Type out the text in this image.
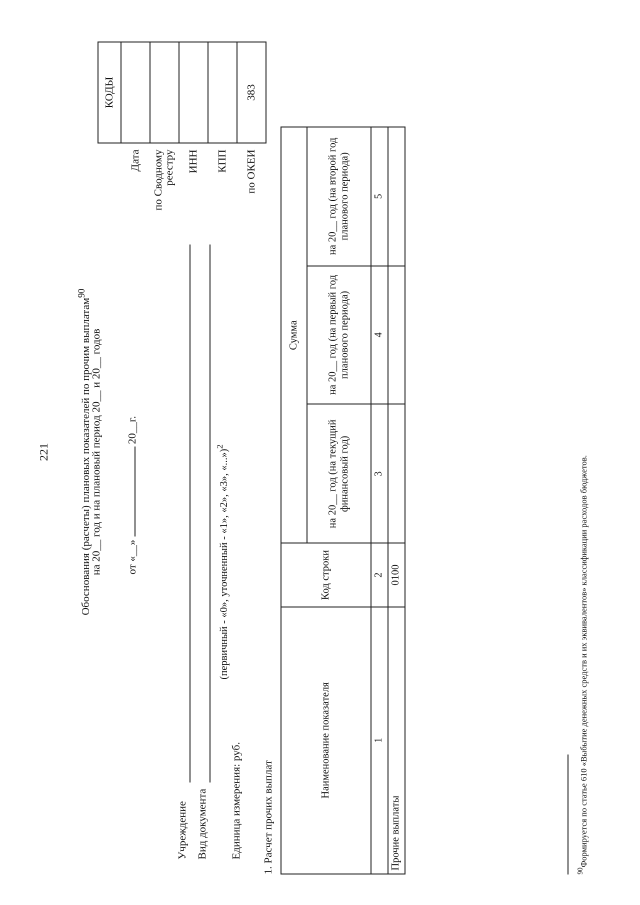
221	Обоснования (расчеты) плановых показателей по прочим выплатам$^{90}$
на 20__ год и на плановый период 20__ и 20__ годов от «__»  20__г.
	КОДЫ
Дата	
по Сводному реестру	
ИНН	
КПП	
по ОКЕИ	383
Учреждение Вид документа
(первичный - «0», уточненный - «1», «2», «3», «...»)$^2$
Единица измерения: руб. 1. Расчет прочих выплат
Наименование показателя	Код строки	Сумма		
		на 20__ год (на текущий финансовый год)	на 20__ год (на первый год планового периода)	на 20__ год (на второй год планового периода)
1	2	3	4	5
Прочие выплаты	0100			
$^{90}$Формируется по статье 610 «Выбытие денежных средств и их эквивалентов» классификации расходов бюджетов.
